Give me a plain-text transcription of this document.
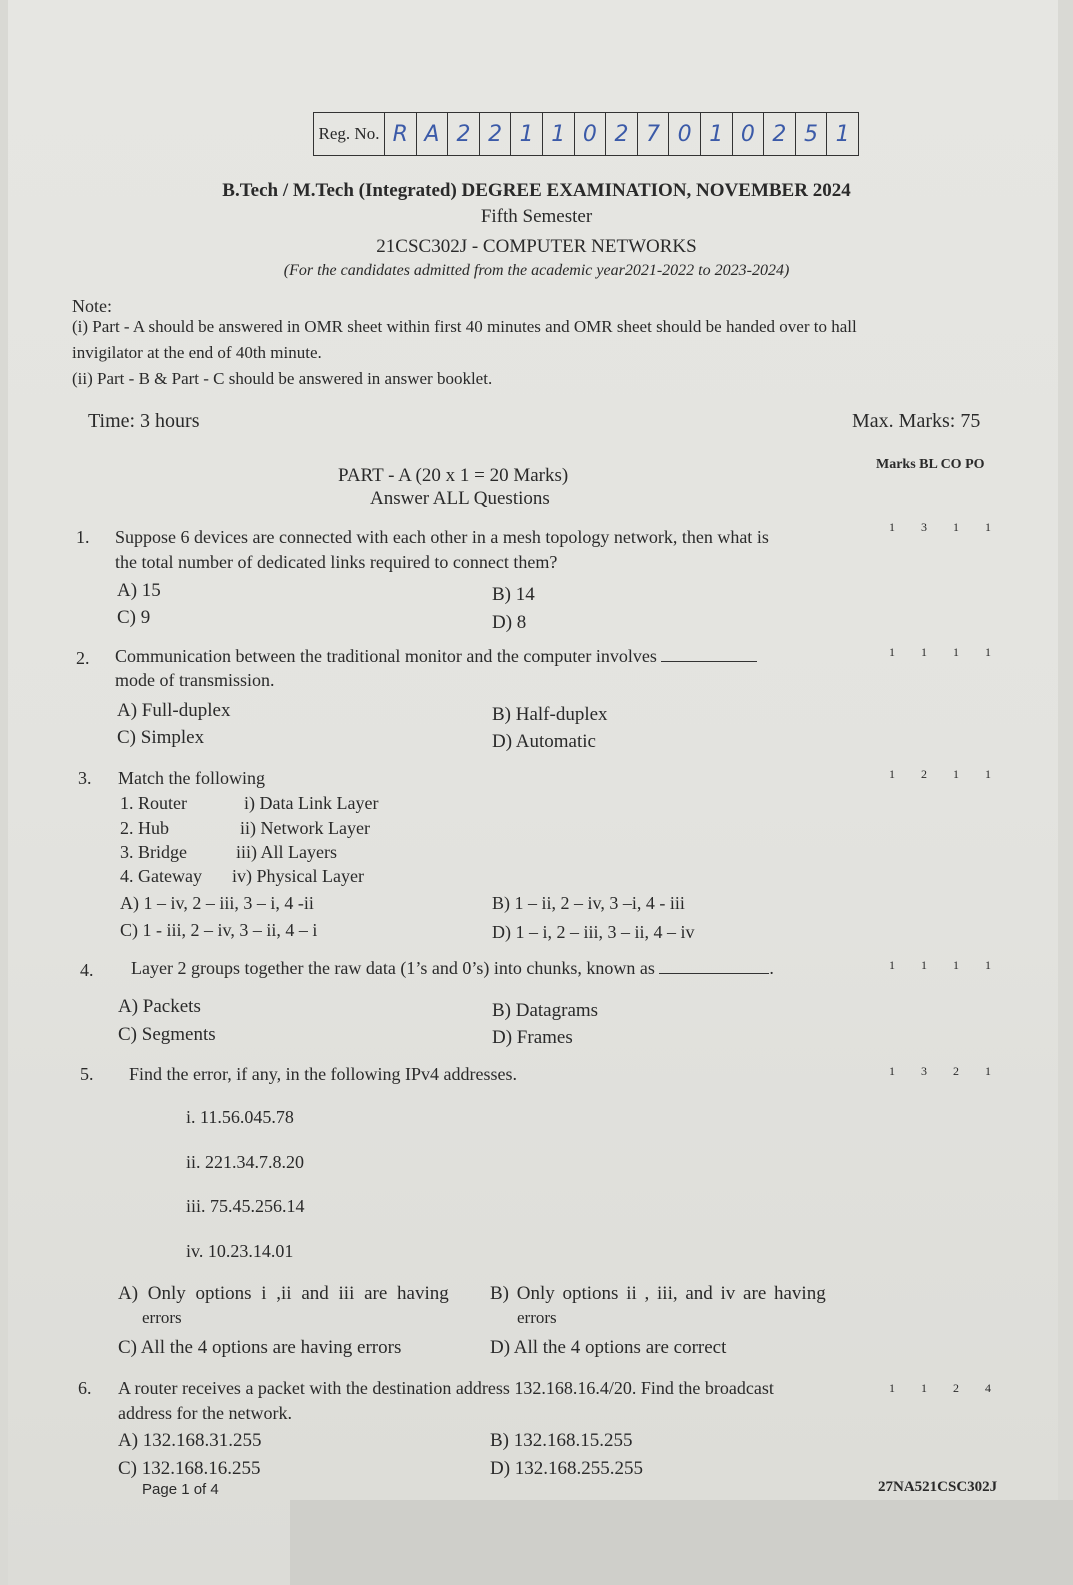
Reg. No. R A 2 2 1 1 0 2 7 0 1 0 2 5 1
B.Tech / M.Tech (Integrated) DEGREE EXAMINATION, NOVEMBER 2024
Fifth Semester
21CSC302J - COMPUTER NETWORKS
(For the candidates admitted from the academic year2021-2022 to 2023-2024)
Note:
(i) Part - A should be answered in OMR sheet within first 40 minutes and OMR sheet should be handed over to hall
invigilator at the end of 40th minute.
(ii) Part - B & Part - C should be answered in answer booklet.
Time: 3 hours	Max. Marks: 75
PART - A (20 x 1 = 20 Marks)
Answer ALL Questions
Marks BL CO PO
1. Suppose 6 devices are connected with each other in a mesh topology network, then what is
the total number of dedicated links required to connect them?
A) 15	B) 14
C) 9	D) 8
1 3 1 1
2. Communication between the traditional monitor and the computer involves
mode of transmission.
A) Full-duplex	B) Half-duplex
C) Simplex	D) Automatic
1 1 1 1
3. Match the following
1. Router	i) Data Link Layer
2. Hub	ii) Network Layer
3. Bridge	iii) All Layers
4. Gateway iv) Physical Layer
A) 1 – iv, 2 – iii, 3 – i, 4 -ii	B) 1 – ii, 2 – iv, 3 –i, 4 - iii
C) 1 - iii, 2 – iv, 3 – ii, 4 – i	D) 1 – i, 2 – iii, 3 – ii, 4 – iv
1 2 1 1
4. Layer 2 groups together the raw data (1’s and 0’s) into chunks, known as	.
A) Packets	B) Datagrams
C) Segments	D) Frames
1 1 1 1
5. Find the error, if any, in the following IPv4 addresses.
i. 11.56.045.78
ii. 221.34.7.8.20
iii. 75.45.256.14
iv. 10.23.14.01
A) Only options i ,ii and iii are having
errors
B) Only options ii , iii, and iv are having
errors
C) All the 4 options are having errors	D) All the 4 options are correct
1 3 2 1
6. A router receives a packet with the destination address 132.168.16.4/20. Find the broadcast
address for the network.
A) 132.168.31.255	B) 132.168.15.255
C) 132.168.16.255	D) 132.168.255.255
1 1 2 4
Page 1 of 4	27NA521CSC302J
